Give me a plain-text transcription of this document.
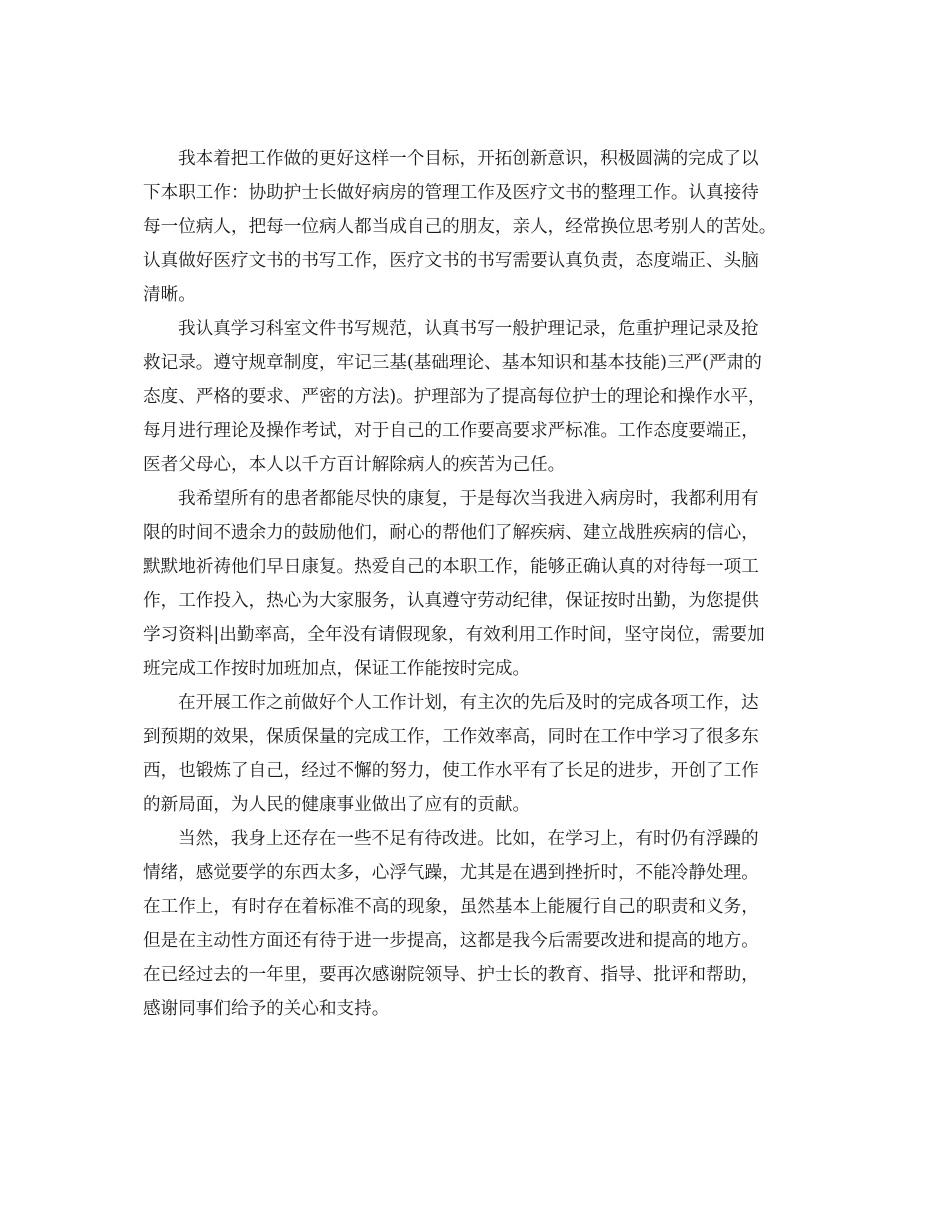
我本着把工作做的更好这样一个目标，开拓创新意识，积极圆满的完成了以
下本职工作：协助护士长做好病房的管理工作及医疗文书的整理工作。认真接待
每一位病人，把每一位病人都当成自己的朋友，亲人，经常换位思考别人的苦处。
认真做好医疗文书的书写工作，医疗文书的书写需要认真负责，态度端正、头脑
清晰。
我认真学习科室文件书写规范，认真书写一般护理记录，危重护理记录及抢
救记录。遵守规章制度，牢记三基(基础理论、基本知识和基本技能)三严(严肃的
态度、严格的要求、严密的方法)。护理部为了提高每位护士的理论和操作水平，
每月进行理论及操作考试，对于自己的工作要高要求严标准。工作态度要端正，
医者父母心，本人以千方百计解除病人的疾苦为己任。
我希望所有的患者都能尽快的康复，于是每次当我进入病房时，我都利用有
限的时间不遗余力的鼓励他们，耐心的帮他们了解疾病、建立战胜疾病的信心，
默默地祈祷他们早日康复。热爱自己的本职工作，能够正确认真的对待每一项工
作，工作投入，热心为大家服务，认真遵守劳动纪律，保证按时出勤，为您提供
学习资料|出勤率高，全年没有请假现象，有效利用工作时间，坚守岗位，需要加
班完成工作按时加班加点，保证工作能按时完成。
在开展工作之前做好个人工作计划，有主次的先后及时的完成各项工作，达
到预期的效果，保质保量的完成工作，工作效率高，同时在工作中学习了很多东
西，也锻炼了自己，经过不懈的努力，使工作水平有了长足的进步，开创了工作
的新局面，为人民的健康事业做出了应有的贡献。
当然，我身上还存在一些不足有待改进。比如，在学习上，有时仍有浮躁的
情绪，感觉要学的东西太多，心浮气躁，尤其是在遇到挫折时，不能冷静处理。
在工作上，有时存在着标准不高的现象，虽然基本上能履行自己的职责和义务，
但是在主动性方面还有待于进一步提高，这都是我今后需要改进和提高的地方。
在已经过去的一年里，要再次感谢院领导、护士长的教育、指导、批评和帮助，
感谢同事们给予的关心和支持。
